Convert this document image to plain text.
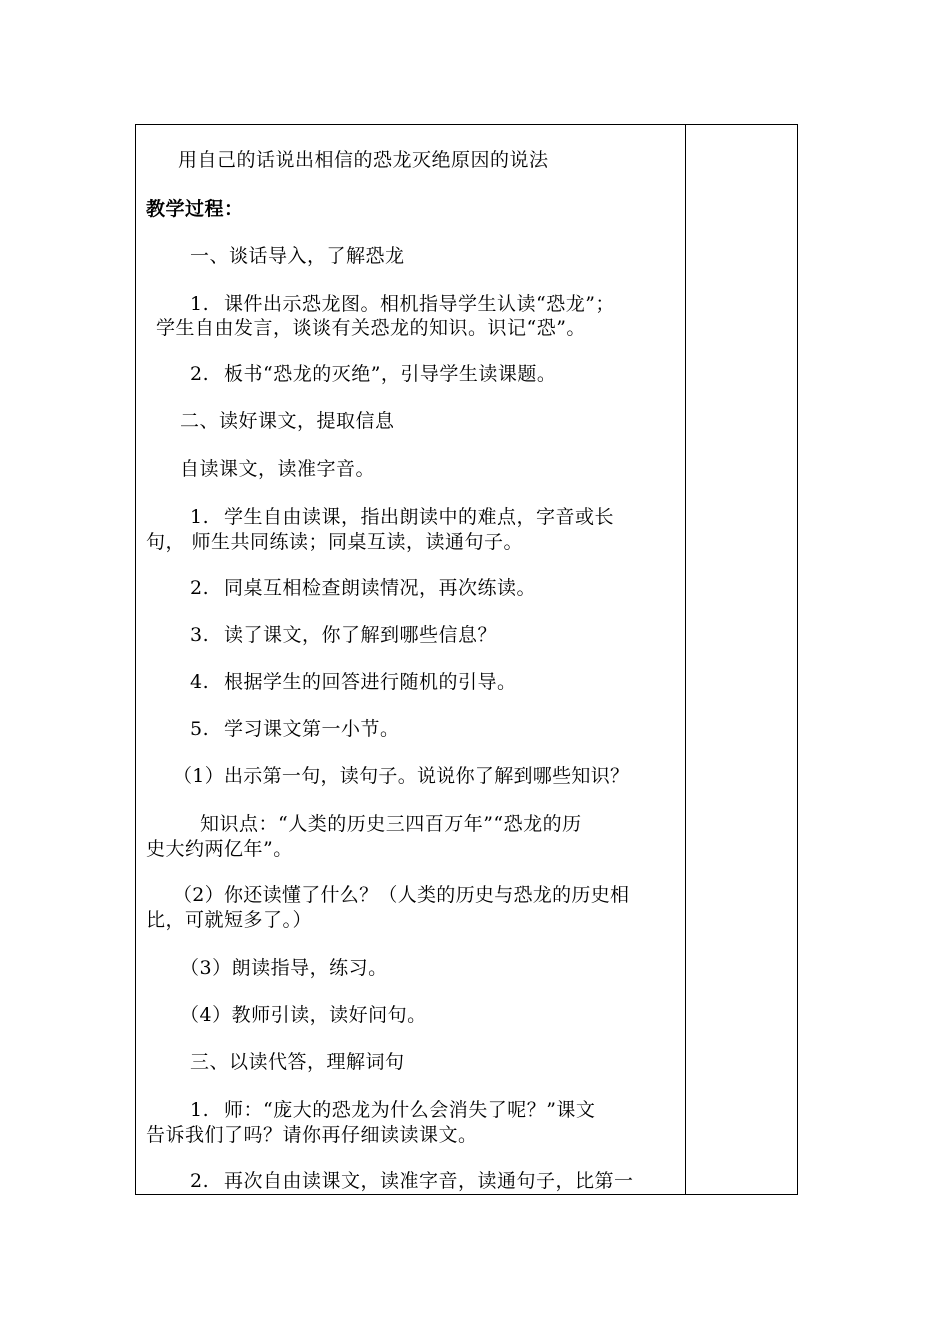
用自己的话说出相信的恐龙灭绝原因的说法
教学过程：
一、谈话导入，了解恐龙
1. 课件出示恐龙图。相机指导学生认读“恐龙”；
学生自由发言，谈谈有关恐龙的知识。识记“恐”。
2. 板书“恐龙的灭绝”，引导学生读课题。
二、读好课文，提取信息
自读课文，读准字音。
1. 学生自由读课，指出朗读中的难点，字音或长
句， 师生共同练读；同桌互读，读通句子。
2. 同桌互相检查朗读情况，再次练读。
3. 读了课文，你了解到哪些信息？
4. 根据学生的回答进行随机的引导。
5. 学习课文第一小节。
（1）出示第一句，读句子。说说你了解到哪些知识？
知识点：“人类的历史三四百万年”“恐龙的历
史大约两亿年”。
（2）你还读懂了什么？（人类的历史与恐龙的历史相
比，可就短多了。）
（3）朗读指导，练习。
（4）教师引读，读好问句。
三、以读代答，理解词句
1. 师：“庞大的恐龙为什么会消失了呢？”课文
告诉我们了吗？请你再仔细读读课文。
2. 再次自由读课文，读准字音，读通句子，比第一
